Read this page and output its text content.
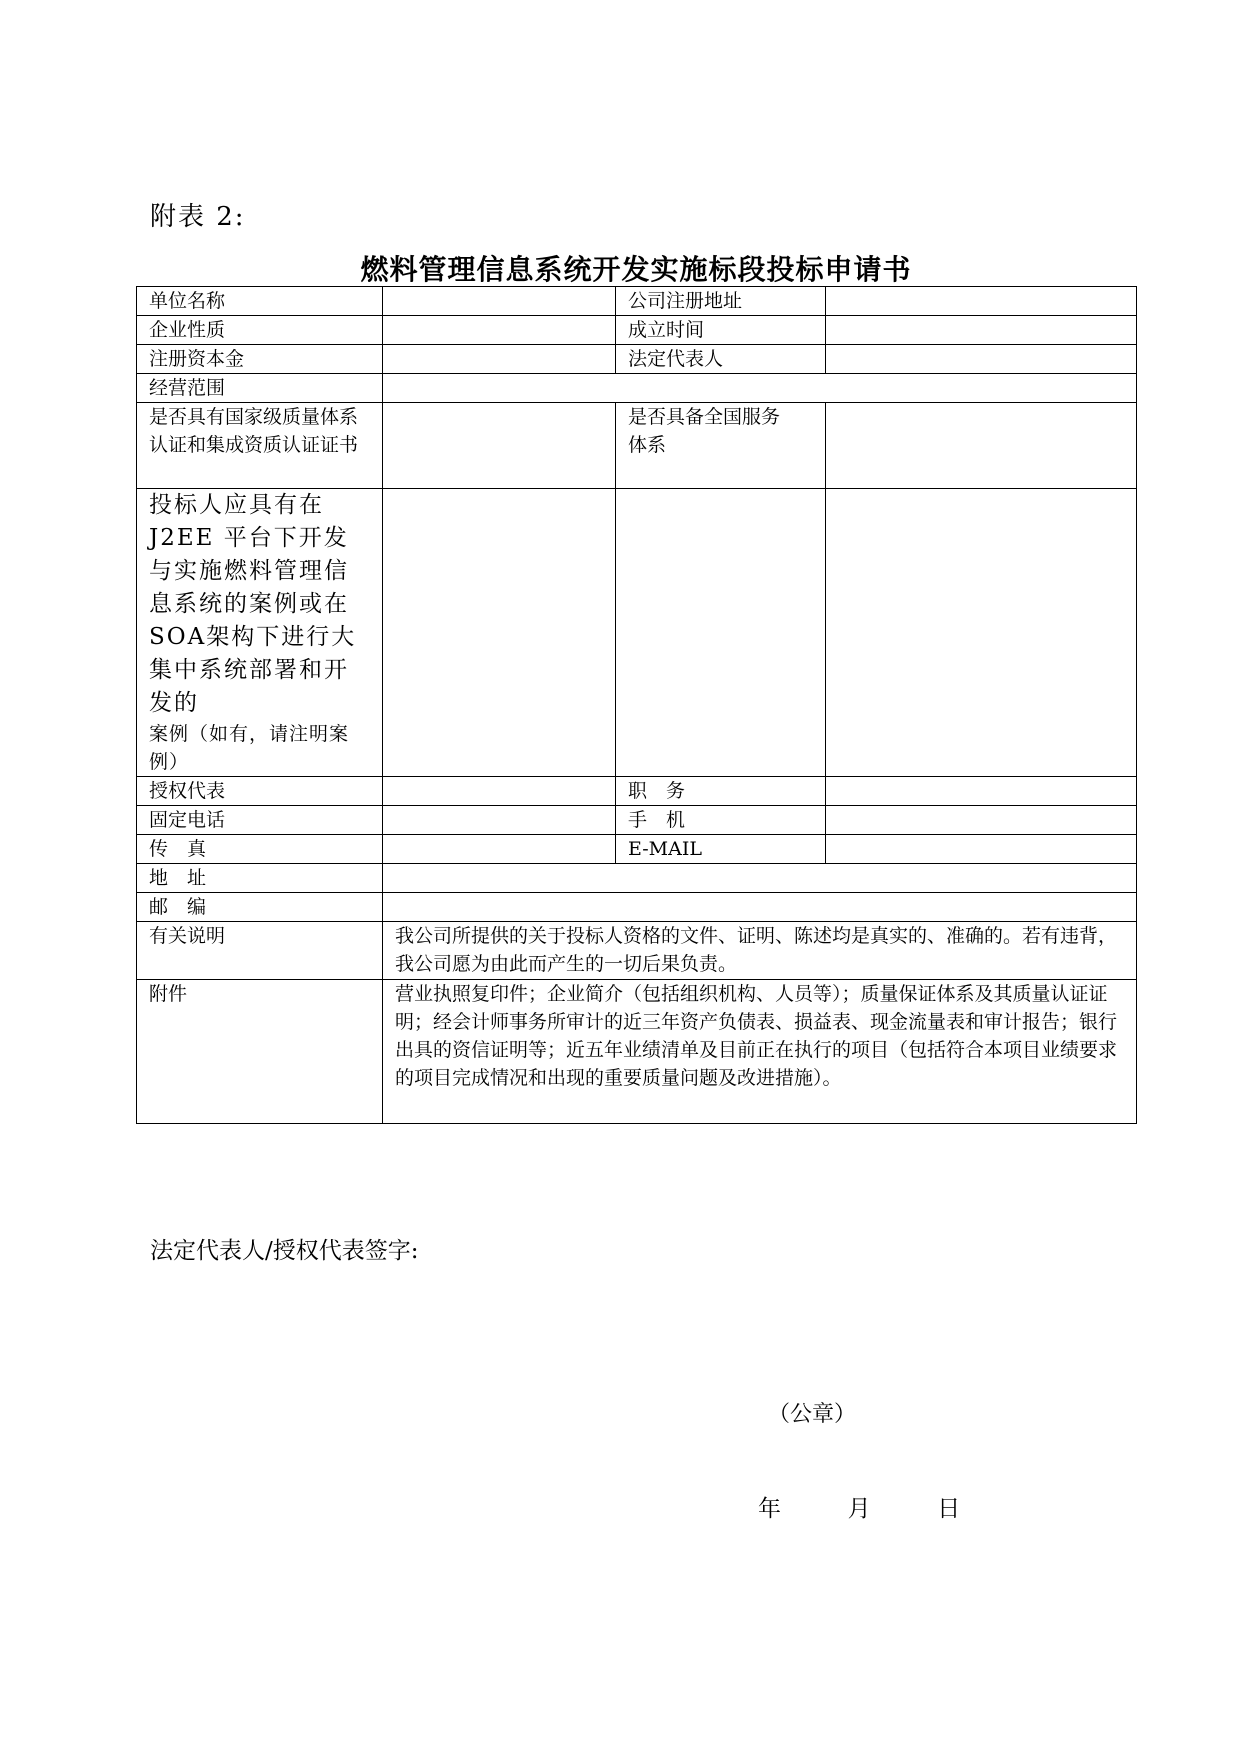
附表 2:
燃料管理信息系统开发实施标段投标申请书
单位名称		公司注册地址	
企业性质		成立时间	
注册资本金		法定代表人	
经营范围			
是否具有国家级质量体系认证和集成资质认证证书		是否具备全国服务体系	

投标人应具有在J2EE 平台下开发与实施燃料管理信息系统的案例或在 SOA架构下进行大集中系统部署和开发的
案例（如有，请注明案例）			

授权代表		职　务	
固定电话		手　机	
传　真		E-MAIL	
地　址			
邮　编			
有关说明	我公司所提供的关于投标人资格的文件、证明、陈述均是真实的、准确的。若有违背，我公司愿为由此而产生的一切后果负责。		
附件	营业执照复印件；企业简介（包括组织机构、人员等）；质量保证体系及其质量认证证明；经会计师事务所审计的近三年资产负债表、损益表、现金流量表和审计报告；银行出具的资信证明等；近五年业绩清单及目前正在执行的项目（包括符合本项目业绩要求的项目完成情况和出现的重要质量问题及改进措施）。		
法定代表人/授权代表签字:
（公章）
年	月	日
